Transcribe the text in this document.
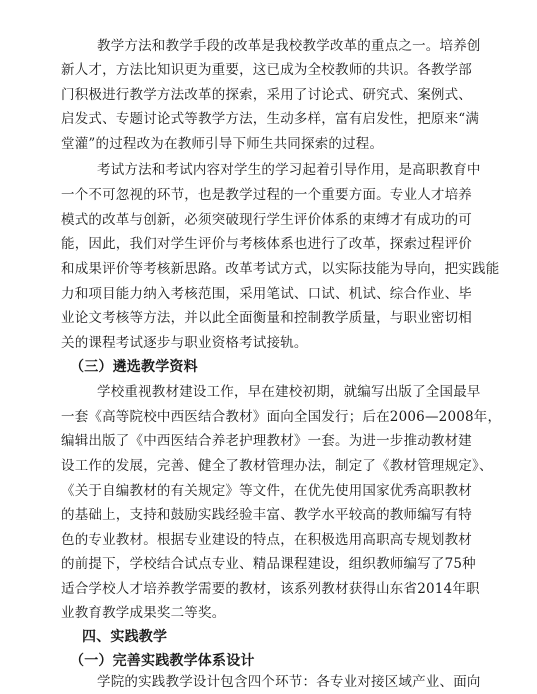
教学方法和教学手段的改革是我校教学改革的重点之一。培养创
新人才，方法比知识更为重要，这已成为全校教师的共识。各教学部
门积极进行教学方法改革的探索，采用了讨论式、研究式、案例式、
启发式、专题讨论式等教学方法，生动多样，富有启发性，把原来“满
堂灌”的过程改为在教师引导下师生共同探索的过程。
考试方法和考试内容对学生的学习起着引导作用，是高职教育中
一个不可忽视的环节，也是教学过程的一个重要方面。专业人才培养
模式的改革与创新，必须突破现行学生评价体系的束缚才有成功的可
能，因此，我们对学生评价与考核体系也进行了改革，探索过程评价
和成果评价等考核新思路。改革考试方式，以实际技能为导向，把实践能
力和项目能力纳入考核范围，采用笔试、口试、机试、综合作业、毕
业论文考核等方法，并以此全面衡量和控制教学质量，与职业密切相
关的课程考试逐步与职业资格考试接轨。
（三）遴选教学资料
学校重视教材建设工作，早在建校初期，就编写出版了全国最早
一套《高等院校中西医结合教材》面向全国发行；后在2006—2008年，
编辑出版了《中西医结合养老护理教材》一套。为进一步推动教材建
设工作的发展，完善、健全了教材管理办法，制定了《教材管理规定》、
《关于自编教材的有关规定》等文件，在优先使用国家优秀高职教材
的基础上，支持和鼓励实践经验丰富、教学水平较高的教师编写有特
色的专业教材。根据专业建设的特点，在积极选用高职高专规划教材
的前提下，学校结合试点专业、精品课程建设，组织教师编写了75种
适合学校人才培养教学需要的教材，该系列教材获得山东省2014年职
业教育教学成果奖二等奖。
四、实践教学
（一）完善实践教学体系设计
学院的实践教学设计包含四个环节：各专业对接区域产业、面向
